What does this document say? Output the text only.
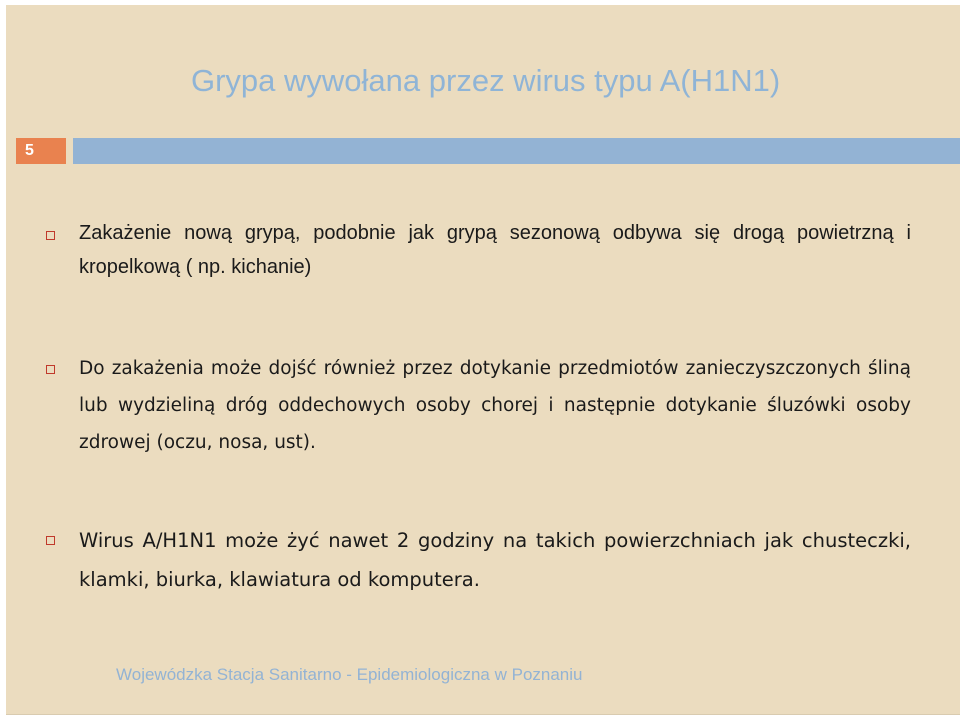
Grypa wywołana przez wirus typu A(H1N1)
5
Zakażenie nową grypą, podobnie jak grypą sezonową odbywa się drogą powietrzną i kropelkową ( np. kichanie)
Do zakażenia może dojść również przez dotykanie przedmiotów zanieczyszczonych śliną lub wydzieliną dróg oddechowych osoby chorej i następnie dotykanie śluzówki osoby zdrowej (oczu, nosa, ust).
Wirus A/H1N1 może żyć nawet 2 godziny na takich powierzchniach jak chusteczki, klamki, biurka, klawiatura od komputera.
Wojewódzka Stacja Sanitarno - Epidemiologiczna w Poznaniu
